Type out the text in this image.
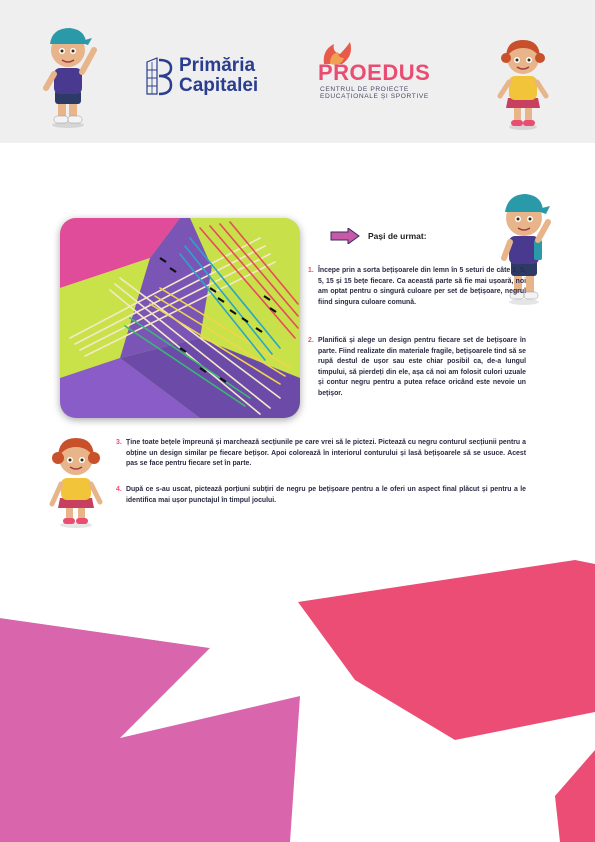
Primăria
Capitalei
PROEDUS
CENTRUL DE PROIECTE
EDUCAȚIONALE ȘI SPORTIVE
Pași de urmat:
1. Începe prin a sorta bețișoarele din lemn în 5 seturi de câte 1, 5, 5, 15 și 15 bețe fiecare. Ca această parte să fie mai ușoară, noi am optat pentru o singură culoare per set de bețișoare, negrul fiind singura culoare comună.
2. Planifică și alege un design pentru fiecare set de bețișoare în parte. Fiind realizate din materiale fragile, bețișoarele tind să se rupă destul de ușor sau este chiar posibil ca, de-a lungul timpului, să pierdeți din ele, așa că noi am folosit culori uzuale și contur negru pentru a putea reface oricând este nevoie un bețișor.
3. Ține toate bețele împreună și marchează secțiunile pe care vrei să le pictezi. Pictează cu negru conturul secțiunii pentru a obține un design similar pe fiecare bețișor. Apoi colorează în interiorul conturului și lasă bețișoarele să se usuce. Acest pas se face pentru fiecare set în parte.
4. După ce s-au uscat, pictează porțiuni subțiri de negru pe bețișoare pentru a le oferi un aspect final plăcut și pentru a le identifica mai ușor punctajul în timpul jocului.
